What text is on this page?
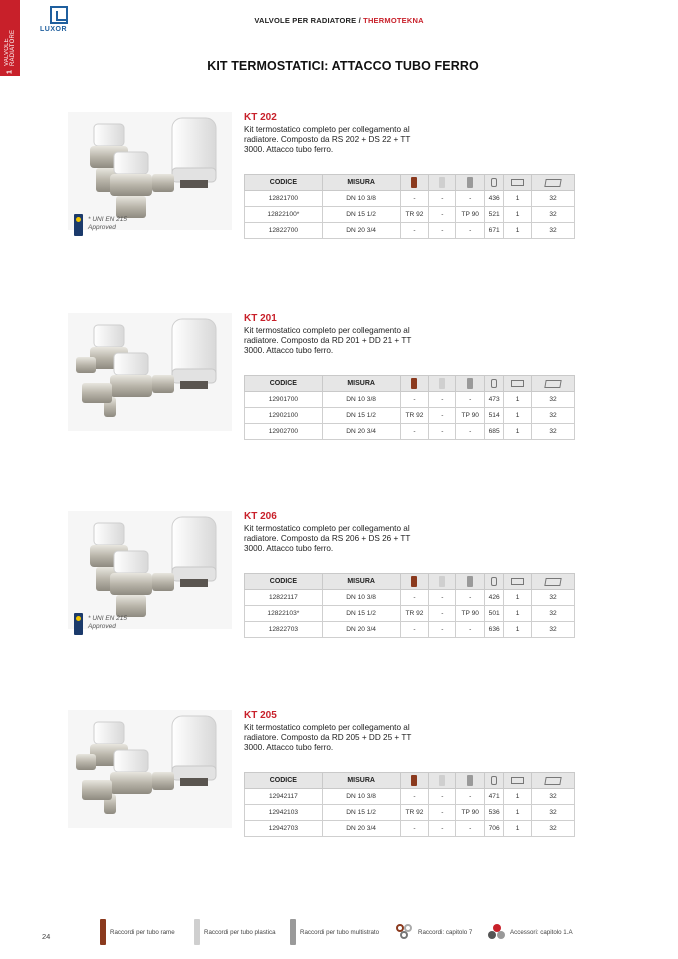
1
VALVOLE RADIATORE
LUXOR
VALVOLE PER RADIATORE / THERMOTEKNA
KIT TERMOSTATICI: ATTACCO TUBO FERRO
* UNI EN 215
Approved
KT 202
Kit termostatico completo per collegamento al radiatore. Composto da RS 202 + DS 22 + TT 3000. Attacco tubo ferro.
CODICE	MISURA						
12821700	DN 10 3/8	-	-	-	436	1	32
12822100*	DN 15 1/2	TR 92	-	TP 90	521	1	32
12822700	DN 20 3/4	-	-	-	671	1	32
KT 201
Kit termostatico completo per collegamento al radiatore. Composto da RD 201 + DD 21 + TT 3000. Attacco tubo ferro.
CODICE	MISURA						
12901700	DN 10 3/8	-	-	-	473	1	32
12902100	DN 15 1/2	TR 92	-	TP 90	514	1	32
12902700	DN 20 3/4	-	-	-	685	1	32
* UNI EN 215
Approved
KT 206
Kit termostatico completo per collegamento al radiatore. Composto da RS 206 + DS 26 + TT 3000. Attacco tubo ferro.
CODICE	MISURA						
12822117	DN 10 3/8	-	-	-	426	1	32
12822103*	DN 15 1/2	TR 92	-	TP 90	501	1	32
12822703	DN 20 3/4	-	-	-	636	1	32
KT 205
Kit termostatico completo per collegamento al radiatore. Composto da RD 205 + DD 25 + TT 3000. Attacco tubo ferro.
CODICE	MISURA						
12942117	DN 10 3/8	-	-	-	471	1	32
12942103	DN 15 1/2	TR 92	-	TP 90	536	1	32
12942703	DN 20 3/4	-	-	-	706	1	32
24	Raccordi per tubo rame	Raccordi per tubo plastica	Raccordi per tubo multistrato	Raccordi: capitolo 7	Accessori: capitolo 1.A
